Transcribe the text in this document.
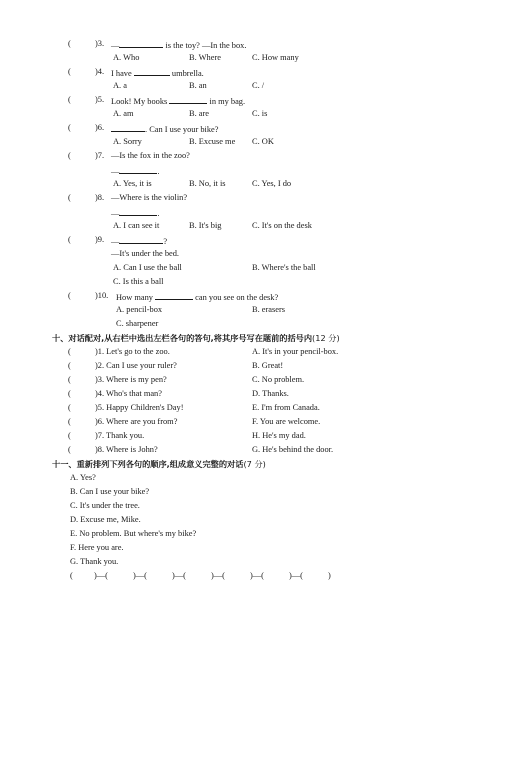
(	)3. —	is the toy? —In the box.
A. Who	B. Where	C. How many
(	)4. I have	umbrella.
A. a	B. an	C. /
(	)5. Look! My books	in my bag.
A. am	B. are	C. is
(	)6.	. Can I use your bike?
A. Sorry	B. Excuse me C. OK
(	)7. —Is the fox in the zoo?
—	.
A. Yes, it is	B. No, it is	C. Yes, I do
(	)8. —Where is the violin?
—	.
A. I can see it	B. It's big	C. It's on the desk
(	)9. —	?
—It's under the bed.
A. Can I use the ball	B. Where's the ball
C. Is this a ball
(	)10. How many	can you see on the desk?
A. pencil-box	B. erasers
C. sharpener
十、对话配对,从右栏中选出左栏各句的答句,将其序号写在题前的括号内(12 分)
(	)1. Let's go to the zoo.	A. It's in your pencil-box.
(	)2. Can I use your ruler?	B. Great!
(	)3. Where is my pen?	C. No problem.
(	)4. Who's that man?	D. Thanks.
(	)5. Happy Children's Day!	E. I'm from Canada.
(	)6. Where are you from?	F. You are welcome.
(	)7. Thank you.	H. He's my dad.
(	)8. Where is John?	G. He's behind the door.
十一、重新排列下列各句的顺序,组成意义完整的对话(7 分)
A. Yes?
B. Can I use your bike?
C. It's under the tree.
D. Excuse me, Mike.
E. No problem. But where's my bike?
F. Here you are.
G. Thank you.
(	)—(	)—(	)—(	)—(	)—(	)—(	)
